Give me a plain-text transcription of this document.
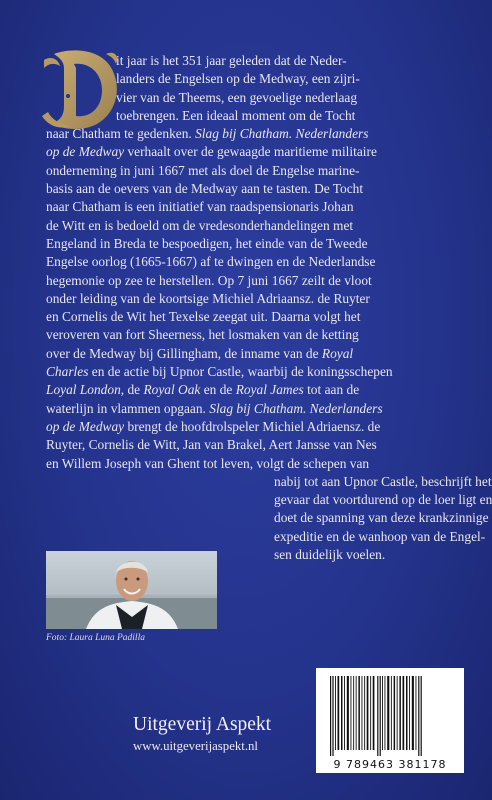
it jaar is het 351 jaar geleden dat de Neder-
landers de Engelsen op de Medway, een zijri-
vier van de Theems, een gevoelige nederlaag
toebrengen. Een ideaal moment om de Tocht
naar Chatham te gedenken. Slag bij Chatham. Nederlanders
op de Medway verhaalt over de gewaagde maritieme militaire
onderneming in juni 1667 met als doel de Engelse marine-
basis aan de oevers van de Medway aan te tasten. De Tocht
naar Chatham is een initiatief van raadspensionaris Johan
de Witt en is bedoeld om de vredesonderhandelingen met
Engeland in Breda te bespoedigen, het einde van de Tweede
Engelse oorlog (1665-1667) af te dwingen en de Nederlandse
hegemonie op zee te herstellen. Op 7 juni 1667 zeilt de vloot
onder leiding van de koortsige Michiel Adriaansz. de Ruyter
en Cornelis de Wit het Texelse zeegat uit. Daarna volgt het
veroveren van fort Sheerness, het losmaken van de ketting
over de Medway bij Gillingham, de inname van de Royal
Charles en de actie bij Upnor Castle, waarbij de koningsschepen
Loyal London, de Royal Oak en de Royal James tot aan de
waterlijn in vlammen opgaan. Slag bij Chatham. Nederlanders
op de Medway brengt de hoofdrolspeler Michiel Adriaensz. de
Ruyter, Cornelis de Witt, Jan van Brakel, Aert Jansse van Nes
en Willem Joseph van Ghent tot leven, volgt de schepen van
nabij tot aan Upnor Castle, beschrijft het
gevaar dat voortdurend op de loer ligt en
doet de spanning van deze krankzinnige
expeditie en de wanhoop van de Engel-
sen duidelijk voelen.

Foto: Laura Luna Padilla
Uitgeverij Aspekt
www.uitgeverijaspekt.nl
9 789463 381178
